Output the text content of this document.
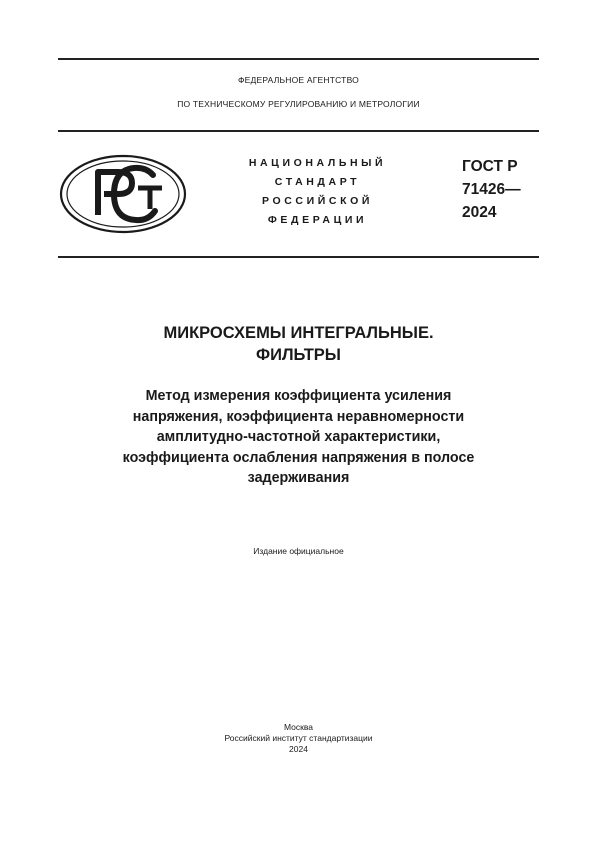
ФЕДЕРАЛЬНОЕ АГЕНТСТВО
ПО ТЕХНИЧЕСКОМУ РЕГУЛИРОВАНИЮ И МЕТРОЛОГИИ
НАЦИОНАЛЬНЫЙ
СТАНДАРТ
РОССИЙСКОЙ
ФЕДЕРАЦИИ
ГОСТ Р
71426—
2024
МИКРОСХЕМЫ ИНТЕГРАЛЬНЫЕ.
ФИЛЬТРЫ
Метод измерения коэффициента усиления
напряжения, коэффициента неравномерности
амплитудно-частотной характеристики,
коэффициента ослабления напряжения в полосе
задерживания
Издание официальное
Москва
Российский институт стандартизации
2024
